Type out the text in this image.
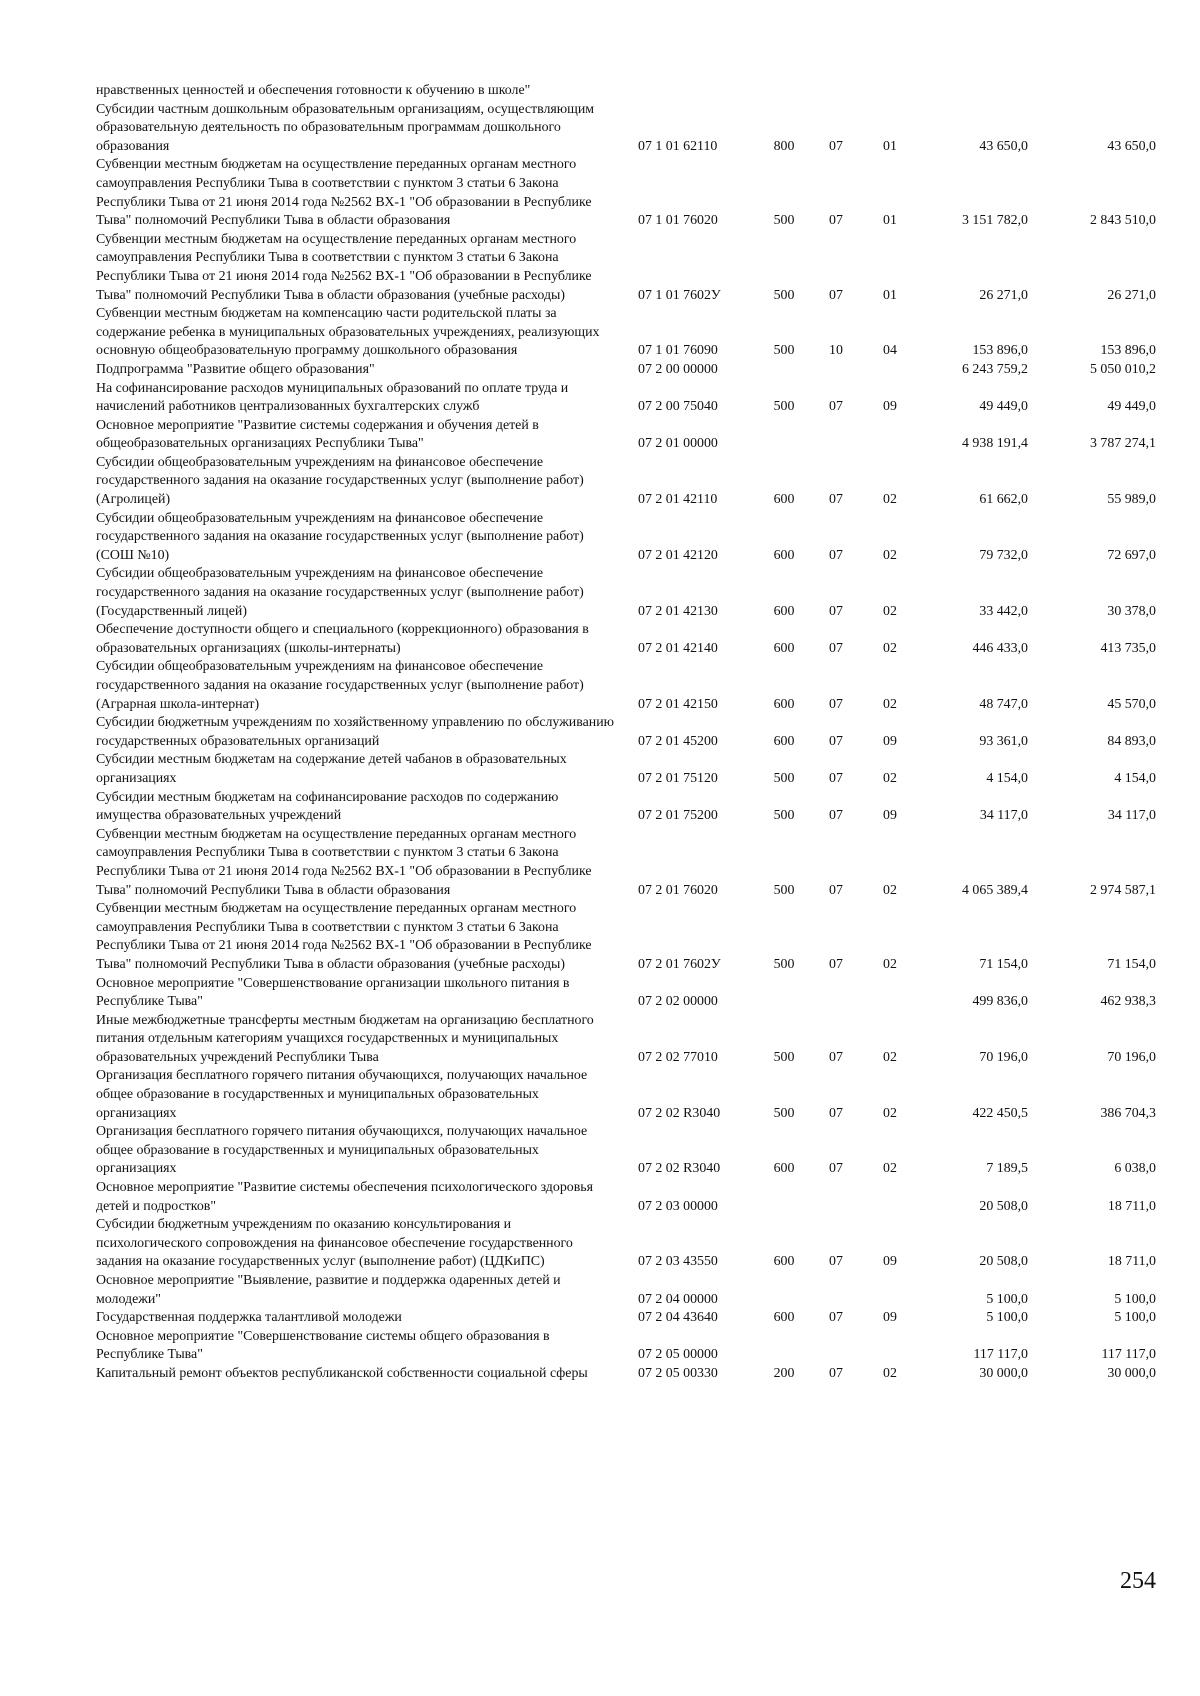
нравственных ценностей и обеспечения готовности к обучению в школе"						
Субсидии частным дошкольным образовательным организациям, осуществляющим образовательную деятельность по образовательным программам дошкольного образования	07 1 01 62110	800	07	01	43 650,0	43 650,0
Субвенции местным бюджетам на осуществление переданных органам местного самоуправления Республики Тыва в соответствии с пунктом 3 статьи 6 Закона Республики Тыва от 21 июня 2014 года №2562 ВХ-1 "Об образовании в Республике Тыва" полномочий Республики Тыва в области образования	07 1 01 76020	500	07	01	3 151 782,0	2 843 510,0
Субвенции местным бюджетам на осуществление переданных органам местного самоуправления Республики Тыва в соответствии с пунктом 3 статьи 6 Закона Республики Тыва от 21 июня 2014 года №2562 ВХ-1 "Об образовании в Республике Тыва" полномочий Республики Тыва в области образования (учебные расходы)	07 1 01 7602У	500	07	01	26 271,0	26 271,0
Субвенции местным бюджетам на компенсацию части родительской платы за содержание ребенка в муниципальных образовательных учреждениях, реализующих основную общеобразовательную программу дошкольного образования	07 1 01 76090	500	10	04	153 896,0	153 896,0
Подпрограмма "Развитие общего образования"	07 2 00 00000				6 243 759,2	5 050 010,2
На софинансирование расходов муниципальных образований по оплате труда и начислений работников централизованных бухгалтерских служб	07 2 00 75040	500	07	09	49 449,0	49 449,0
Основное мероприятие "Развитие системы содержания и обучения детей в общеобразовательных организациях Республики Тыва"	07 2 01 00000				4 938 191,4	3 787 274,1
Субсидии общеобразовательным учреждениям на финансовое обеспечение государственного задания на оказание государственных услуг (выполнение работ) (Агролицей)	07 2 01 42110	600	07	02	61 662,0	55 989,0
Субсидии общеобразовательным учреждениям на финансовое обеспечение государственного задания на оказание государственных услуг (выполнение работ) (СОШ №10)	07 2 01 42120	600	07	02	79 732,0	72 697,0
Субсидии общеобразовательным учреждениям на финансовое обеспечение государственного задания на оказание государственных услуг (выполнение работ) (Государственный лицей)	07 2 01 42130	600	07	02	33 442,0	30 378,0
Обеспечение доступности общего и специального (коррекционного) образования в образовательных организациях (школы-интернаты)	07 2 01 42140	600	07	02	446 433,0	413 735,0
Субсидии общеобразовательным учреждениям на финансовое обеспечение государственного задания на оказание государственных услуг (выполнение работ) (Аграрная школа-интернат)	07 2 01 42150	600	07	02	48 747,0	45 570,0
Субсидии бюджетным учреждениям по хозяйственному управлению по обслуживанию государственных образовательных организаций	07 2 01 45200	600	07	09	93 361,0	84 893,0
Субсидии местным бюджетам на содержание детей чабанов в образовательных организациях	07 2 01 75120	500	07	02	4 154,0	4 154,0
Субсидии местным бюджетам на софинансирование расходов по содержанию имущества образовательных учреждений	07 2 01 75200	500	07	09	34 117,0	34 117,0
Субвенции местным бюджетам на осуществление переданных органам местного самоуправления Республики Тыва в соответствии с пунктом 3 статьи 6 Закона Республики Тыва от 21 июня 2014 года №2562 ВХ-1 "Об образовании в Республике Тыва" полномочий Республики Тыва в области образования	07 2 01 76020	500	07	02	4 065 389,4	2 974 587,1
Субвенции местным бюджетам на осуществление переданных органам местного самоуправления Республики Тыва в соответствии с пунктом 3 статьи 6 Закона Республики Тыва от 21 июня 2014 года №2562 ВХ-1 "Об образовании в Республике Тыва" полномочий Республики Тыва в области образования (учебные расходы)	07 2 01 7602У	500	07	02	71 154,0	71 154,0
Основное мероприятие "Совершенствование организации школьного питания в Республике Тыва"	07 2 02 00000				499 836,0	462 938,3
Иные межбюджетные трансферты местным бюджетам на организацию бесплатного питания отдельным категориям учащихся государственных и муниципальных образовательных учреждений Республики Тыва	07 2 02 77010	500	07	02	70 196,0	70 196,0
Организация бесплатного горячего питания обучающихся, получающих начальное общее образование в государственных и муниципальных образовательных организациях	07 2 02 R3040	500	07	02	422 450,5	386 704,3
Организация бесплатного горячего питания обучающихся, получающих начальное общее образование в государственных и муниципальных образовательных организациях	07 2 02 R3040	600	07	02	7 189,5	6 038,0
Основное мероприятие "Развитие системы обеспечения психологического здоровья детей и подростков"	07 2 03 00000				20 508,0	18 711,0
Субсидии бюджетным учреждениям по оказанию консультирования и психологического сопровождения на финансовое обеспечение государственного задания на оказание государственных услуг (выполнение работ) (ЦДКиПС)	07 2 03 43550	600	07	09	20 508,0	18 711,0
Основное мероприятие "Выявление, развитие и поддержка одаренных детей и молодежи"	07 2 04 00000				5 100,0	5 100,0
Государственная поддержка талантливой молодежи	07 2 04 43640	600	07	09	5 100,0	5 100,0
Основное мероприятие "Совершенствование системы общего образования в Республике Тыва"	07 2 05 00000				117 117,0	117 117,0
Капитальный ремонт объектов республиканской собственности социальной сферы	07 2 05 00330	200	07	02	30 000,0	30 000,0
254
